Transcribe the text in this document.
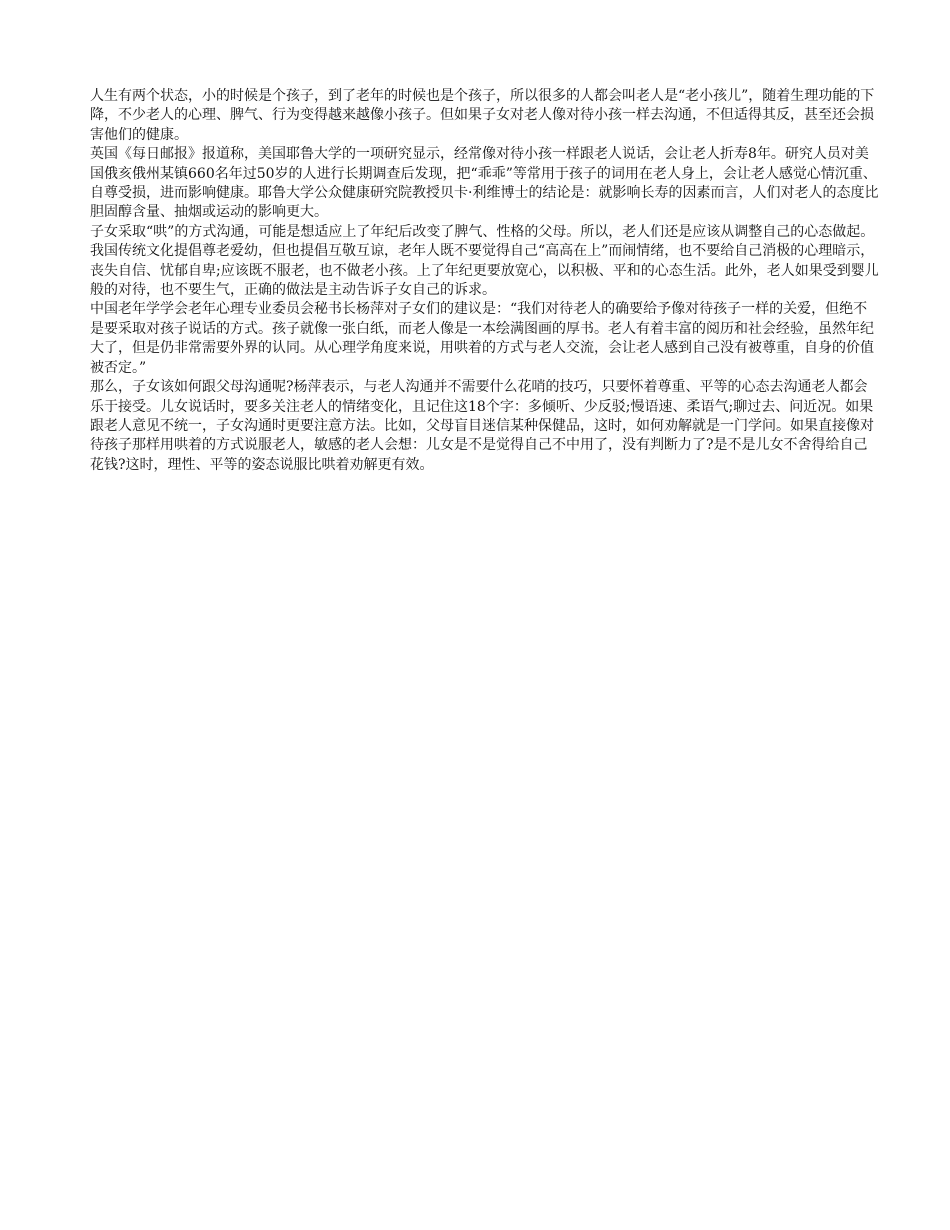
人生有两个状态，小的时候是个孩子，到了老年的时候也是个孩子，所以很多的人都会叫老人是“老小孩儿”，随着生理功能的下降，不少老人的心理、脾气、行为变得越来越像小孩子。但如果子女对老人像对待小孩一样去沟通，不但适得其反，甚至还会损害他们的健康。

英国《每日邮报》报道称，美国耶鲁大学的一项研究显示，经常像对待小孩一样跟老人说话，会让老人折寿8年。研究人员对美国俄亥俄州某镇660名年过50岁的人进行长期调查后发现，把“乖乖”等常用于孩子的词用在老人身上，会让老人感觉心情沉重、自尊受损，进而影响健康。耶鲁大学公众健康研究院教授贝卡·利维博士的结论是：就影响长寿的因素而言，人们对老人的态度比胆固醇含量、抽烟或运动的影响更大。

子女采取“哄”的方式沟通，可能是想适应上了年纪后改变了脾气、性格的父母。所以，老人们还是应该从调整自己的心态做起。我国传统文化提倡尊老爱幼，但也提倡互敬互谅，老年人既不要觉得自己“高高在上”而闹情绪，也不要给自己消极的心理暗示，丧失自信、忧郁自卑;应该既不服老，也不做老小孩。上了年纪更要放宽心，以积极、平和的心态生活。此外，老人如果受到婴儿般的对待，也不要生气，正确的做法是主动告诉子女自己的诉求。

中国老年学学会老年心理专业委员会秘书长杨萍对子女们的建议是：“我们对待老人的确要给予像对待孩子一样的关爱，但绝不是要采取对孩子说话的方式。孩子就像一张白纸，而老人像是一本绘满图画的厚书。老人有着丰富的阅历和社会经验，虽然年纪大了，但是仍非常需要外界的认同。从心理学角度来说，用哄着的方式与老人交流，会让老人感到自己没有被尊重，自身的价值被否定。”

那么，子女该如何跟父母沟通呢?杨萍表示，与老人沟通并不需要什么花哨的技巧，只要怀着尊重、平等的心态去沟通老人都会乐于接受。儿女说话时，要多关注老人的情绪变化，且记住这18个字：多倾听、少反驳;慢语速、柔语气;聊过去、问近况。如果跟老人意见不统一，子女沟通时更要注意方法。比如，父母盲目迷信某种保健品，这时，如何劝解就是一门学问。如果直接像对待孩子那样用哄着的方式说服老人，敏感的老人会想：儿女是不是觉得自己不中用了，没有判断力了?是不是儿女不舍得给自己花钱?这时，理性、平等的姿态说服比哄着劝解更有效。
